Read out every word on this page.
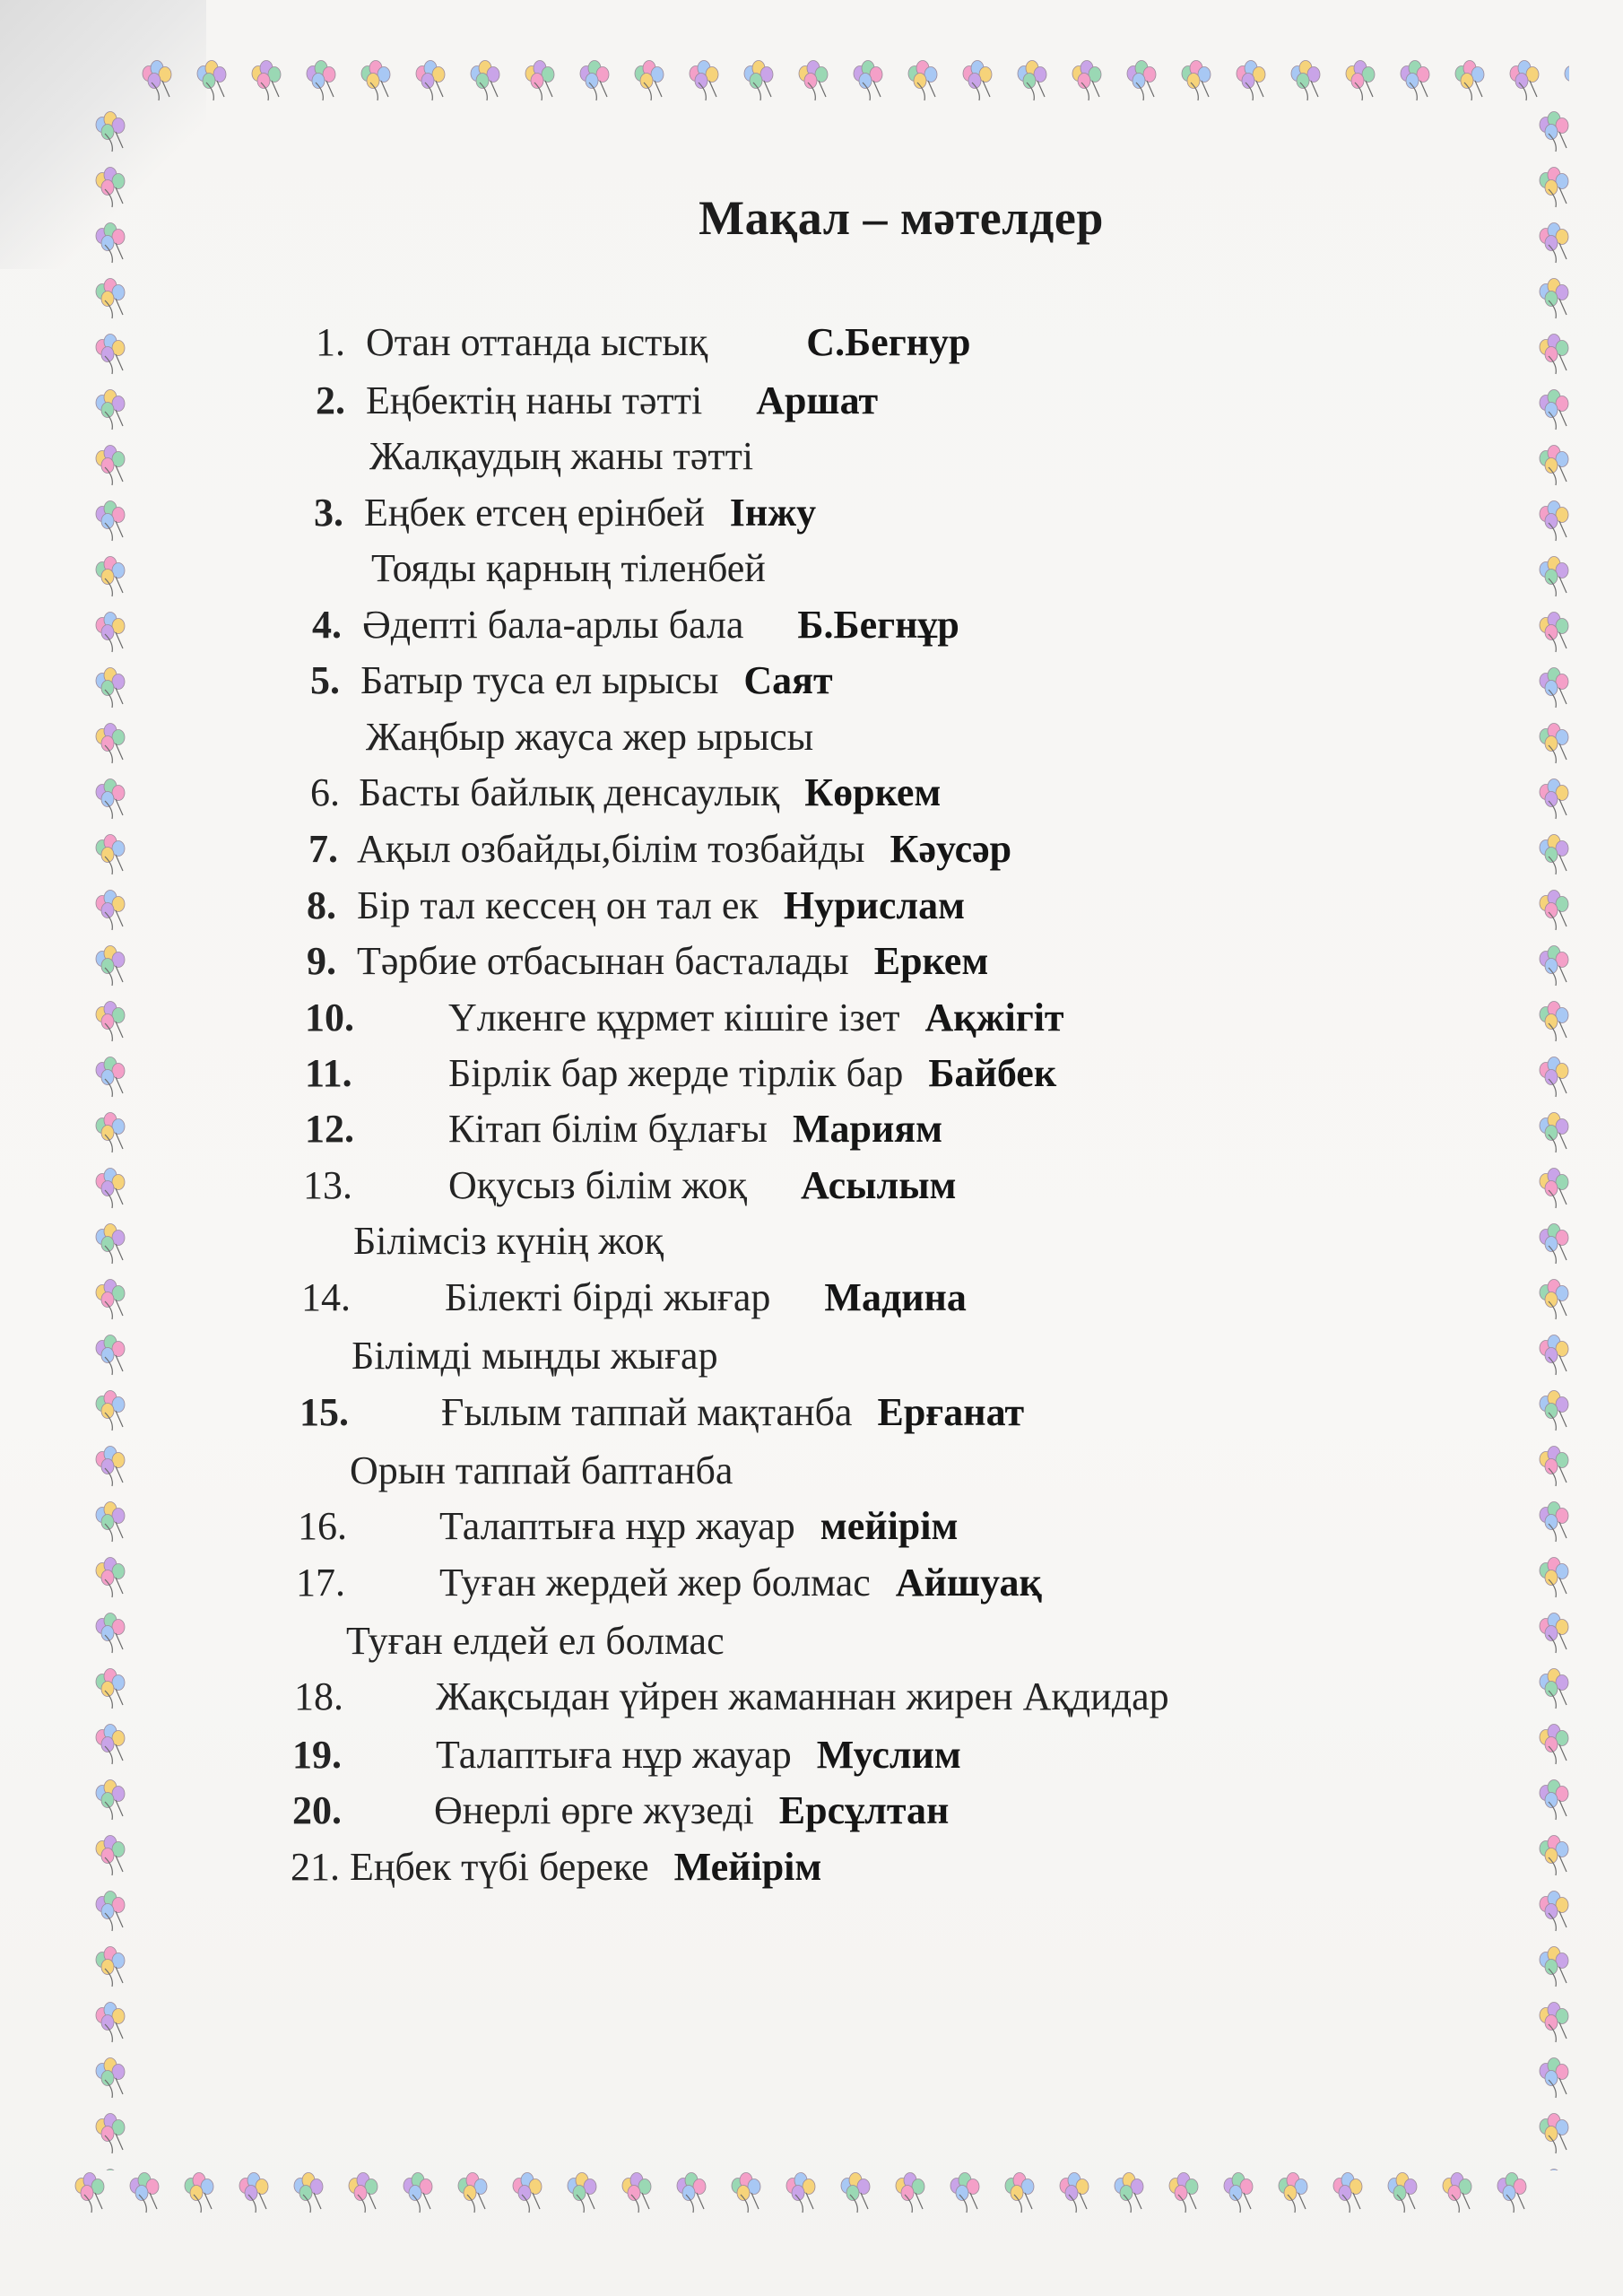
Мақал – мәтелдер
1. Отан оттанда ыстық	С.Бегнур
2. Еңбектің наны тәтті Аршат
Жалқаудың жаны тәтті
3. Еңбек етсең ерінбей Інжу
Тояды қарның тіленбей
4. Әдепті бала-арлы бала Б.Бегнұр
5. Батыр туса ел ырысы Саят
Жаңбыр жауса жер ырысы
6. Басты байлық денсаулық Көркем
7. Ақыл озбайды,білім тозбайды Кәусәр
8. Бір тал кессең он тал ек Нурислам
9. Тәрбие отбасынан басталады Еркем
10. Үлкенге құрмет кішіге ізет Ақжігіт
11. Бірлік бар жерде тірлік бар Байбек
12. Кітап білім бұлағы Мариям
13. Оқусыз білім жоқ Асылым
Білімсіз күнің жоқ
14. Білекті бірді жығар Мадина
Білімді мыңды жығар
15. Ғылым таппай мақтанба Ерғанат
Орын таппай баптанба
16. Талаптыға нұр жауар мейірім
17. Туған жердей жер болмас Айшуақ
Туған елдей ел болмас
18. Жақсыдан үйрен жаманнан жирен Ақдидар
19. Талаптыға нұр жауар Муслим
20. Өнерлі өрге жүзеді Ерсұлтан
21. Еңбек түбі береке Мейірім
